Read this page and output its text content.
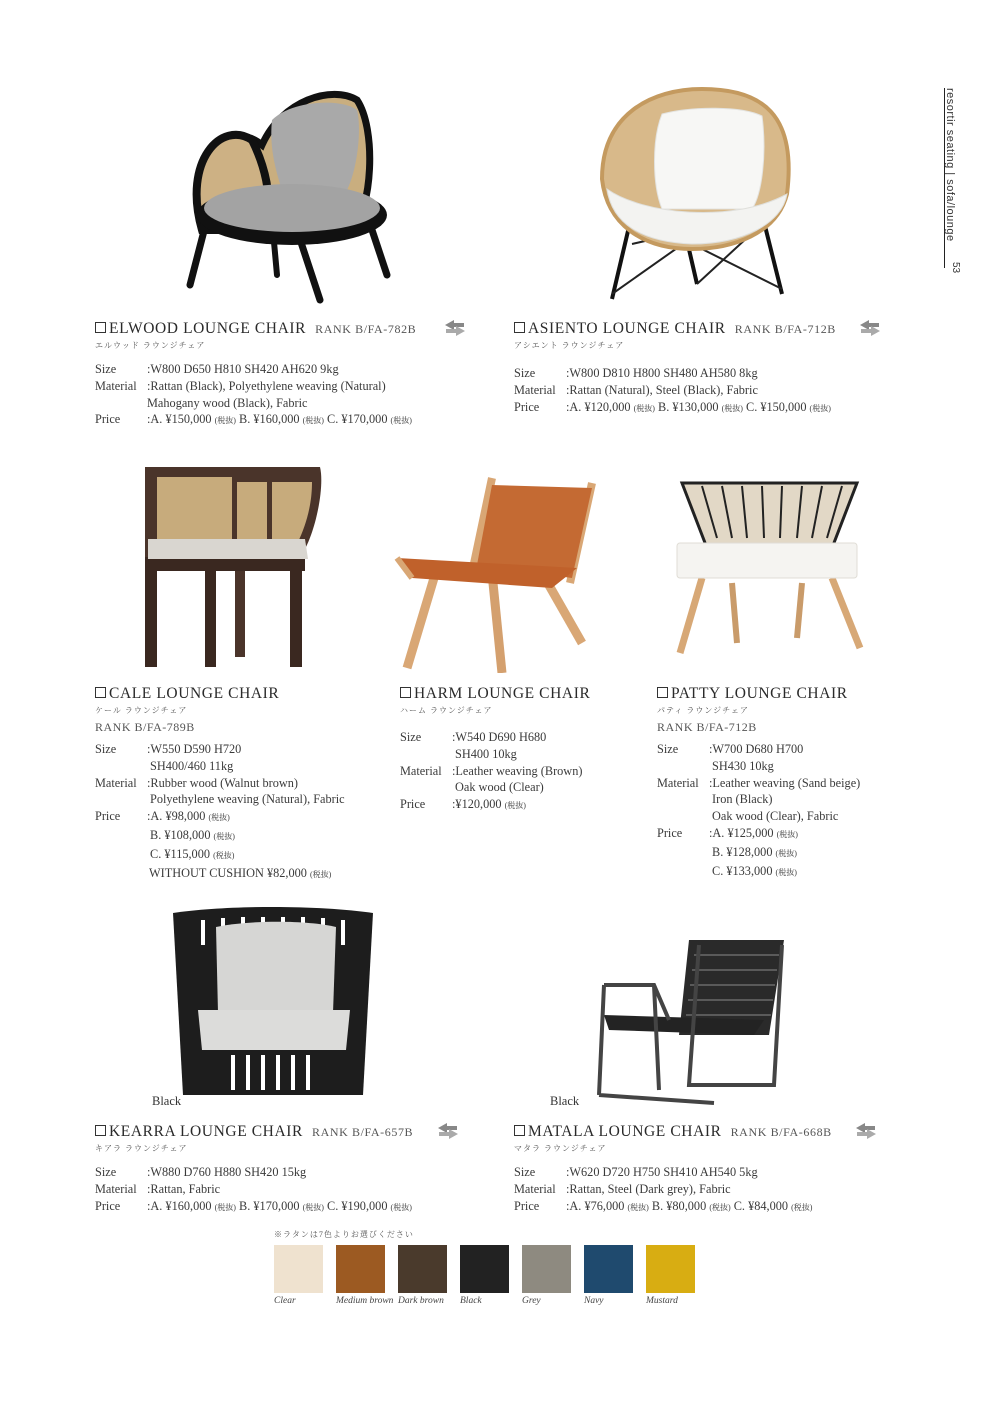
resortir seating | sofa/lounge
53
ELWOOD LOUNGE CHAIR RANK B/FA-782B
エルウッド ラウンジチェア
Size	:W800 D650 H810 SH420 AH620 9kg
Material :Rattan (Black), Polyethylene weaving (Natural)
Mahogany wood (Black), Fabric
Price	:A. ¥150,000 (税抜) B. ¥160,000 (税抜) C. ¥170,000 (税抜)
ASIENTO LOUNGE CHAIR RANK B/FA-712B
アシエント ラウンジチェア
Size	:W800 D810 H800 SH480 AH580 8kg
Material :Rattan (Natural), Steel (Black), Fabric
Price	:A. ¥120,000 (税抜) B. ¥130,000 (税抜) C. ¥150,000 (税抜)
CALE LOUNGE CHAIR
ケール ラウンジチェア
RANK B/FA-789B
Size	:W550 D590 H720
SH400/460 11kg
Material :Rubber wood (Walnut brown)
Polyethylene weaving (Natural), Fabric
Price	:A. ¥98,000 (税抜)
B. ¥108,000 (税抜)
C. ¥115,000 (税抜)
WITHOUT CUSHION ¥82,000 (税抜)
HARM LOUNGE CHAIR
ハーム ラウンジチェア
Size	:W540 D690 H680
SH400 10kg
Material :Leather weaving (Brown)
Oak wood (Clear)
Price	:¥120,000 (税抜)
PATTY LOUNGE CHAIR
パティ ラウンジチェア
RANK B/FA-712B
Size	:W700 D680 H700
SH430 10kg
Material :Leather weaving (Sand beige)
Iron (Black)
Oak wood (Clear), Fabric
Price	:A. ¥125,000 (税抜)
B. ¥128,000 (税抜)
C. ¥133,000 (税抜)
Black	Black
KEARRA LOUNGE CHAIR RANK B/FA-657B
キアラ ラウンジチェア
Size	:W880 D760 H880 SH420 15kg
Material :Rattan, Fabric
Price	:A. ¥160,000 (税抜) B. ¥170,000 (税抜) C. ¥190,000 (税抜)
MATALA LOUNGE CHAIR RANK B/FA-668B
マタラ ラウンジチェア
Size	:W620 D720 H750 SH410 AH540 5kg
Material :Rattan, Steel (Dark grey), Fabric
Price	:A. ¥76,000 (税抜) B. ¥80,000 (税抜) C. ¥84,000 (税抜)
※ラタンは7色よりお選びください
Clear	Medium brown Dark brown Black	Grey	Navy	Mustard
